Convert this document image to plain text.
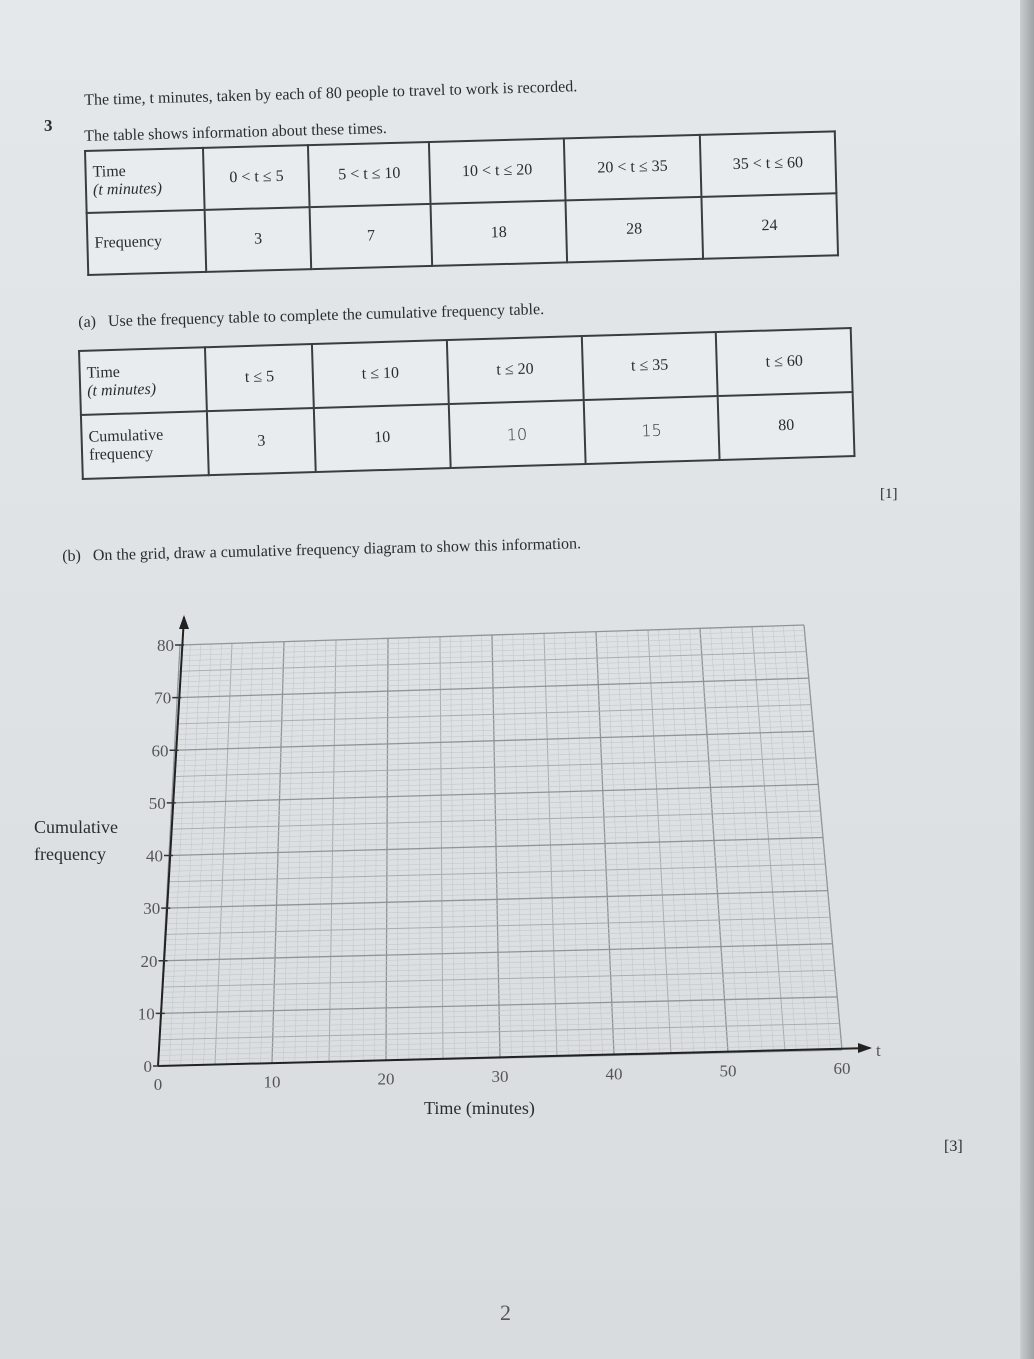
3
The time, t minutes, taken by each of 80 people to travel to work is recorded.
The table shows information about these times.
Time
(t minutes)	0 < t ≤ 5	5 < t ≤ 10	10 < t ≤ 20	20 < t ≤ 35	35 < t ≤ 60
Frequency	3	7	18	28	24
(a) Use the frequency table to complete the cumulative frequency table.
Time
(t minutes)	t ≤ 5	t ≤ 10	t ≤ 20	t ≤ 35	t ≤ 60

Cumulative
frequency	3	10	10	15	80
[1]
(b) On the grid, draw a cumulative frequency diagram to show this information.
0
10
20
30
40
50
60
70
80
0	10	20	30	40	50	60
t
Cumulative
frequency
Time (minutes)
[3]
2
